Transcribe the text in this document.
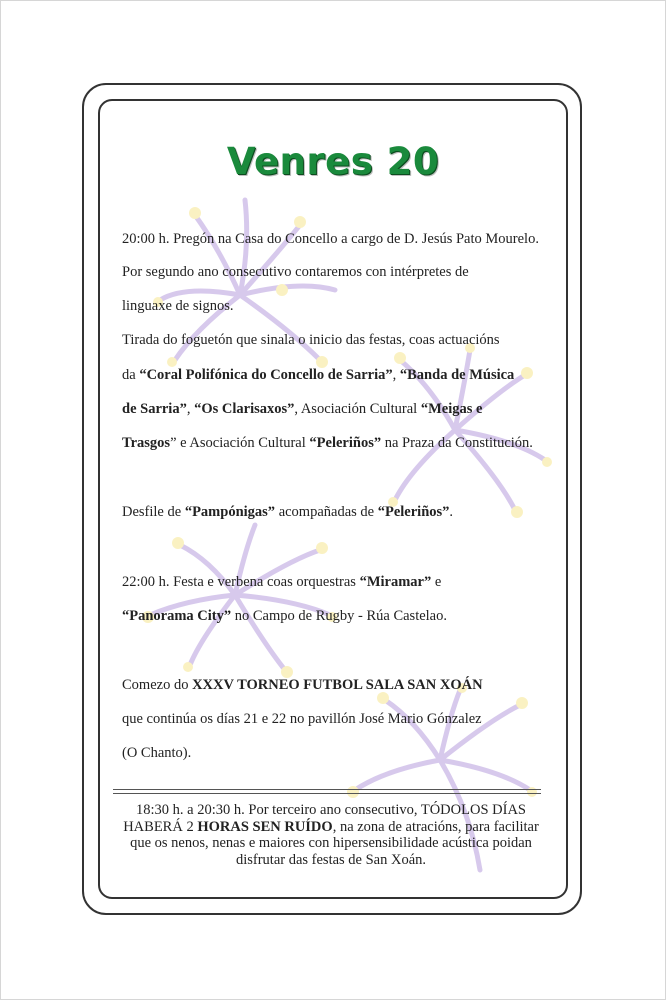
Venres 20
20:00 h. Pregón na Casa do Concello a cargo de D. Jesús Pato Mourelo.
Por segundo ano consecutivo contaremos con intérpretes de
linguaxe de signos.
Tirada do foguetón que sinala o inicio das festas, coas actuacións
da “Coral Polifónica do Concello de Sarria”, “Banda de Música
de Sarria”, “Os Clarisaxos”, Asociación Cultural “Meigas e
Trasgos” e Asociación Cultural “Peleriños” na Praza da Constitución.
Desfile de “Pampónigas” acompañadas de “Peleriños”.
22:00 h. Festa e verbena coas orquestras “Miramar” e
“Panorama City” no Campo de Rugby - Rúa Castelao.
Comezo do XXXV TORNEO FUTBOL SALA SAN XOÁN
que continúa os días 21 e 22 no pavillón José Mario Gónzalez
(O Chanto).
18:30 h. a 20:30 h. Por terceiro ano consecutivo, TÓDOLOS DÍAS
HABERÁ 2 HORAS SEN RUÍDO, na zona de atracións, para facilitar
que os nenos, nenas e maiores con hipersensibilidade acústica poidan
disfrutar das festas de San Xoán.
